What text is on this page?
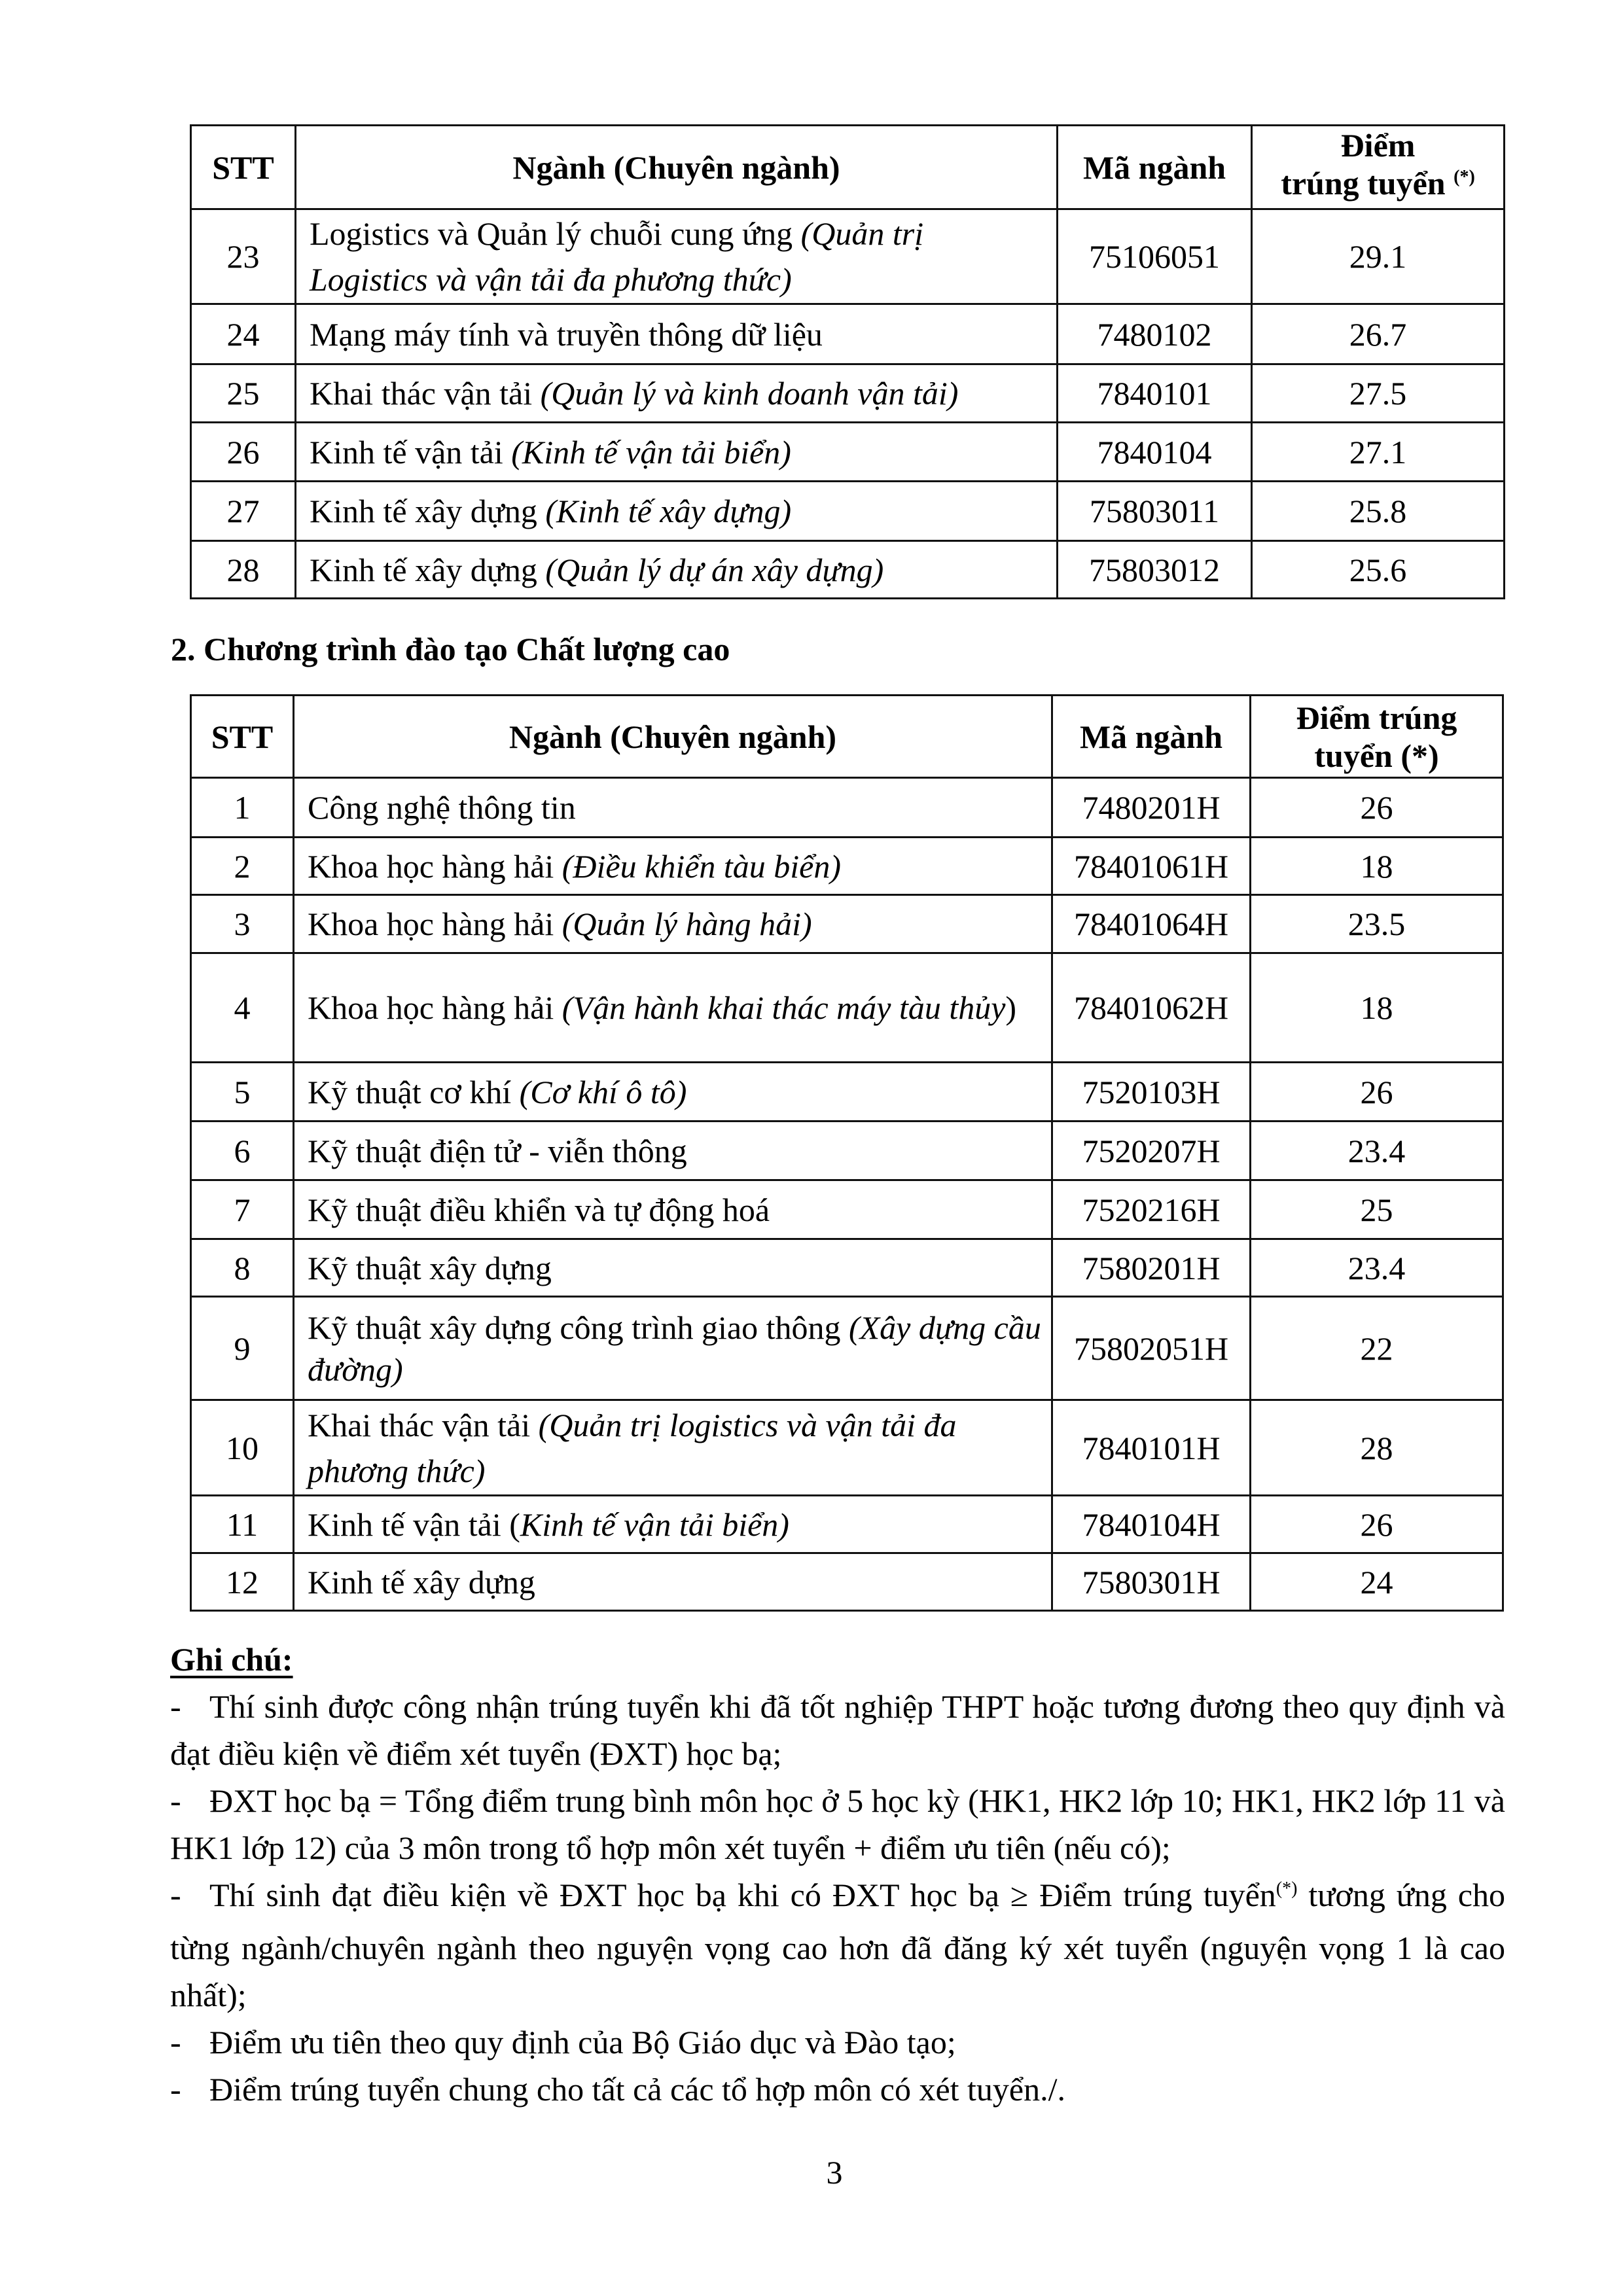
STT	Ngành (Chuyên ngành)	Mã ngành	Điểm
trúng tuyển (*)
23	Logistics và Quản lý chuỗi cung ứng (Quản trị Logistics và vận tải đa phương thức)	75106051	29.1
24	Mạng máy tính và truyền thông dữ liệu	7480102	26.7
25	Khai thác vận tải (Quản lý và kinh doanh vận tải)	7840101	27.5
26	Kinh tế vận tải (Kinh tế vận tải biển)	7840104	27.1
27	Kinh tế xây dựng (Kinh tế xây dựng)	75803011	25.8
28	Kinh tế xây dựng (Quản lý dự án xây dựng)	75803012	25.6
2. Chương trình đào tạo Chất lượng cao
STT	Ngành (Chuyên ngành)	Mã ngành	Điểm trúng
tuyển (*)
1	Công nghệ thông tin	7480201H	26
2	Khoa học hàng hải (Điều khiển tàu biển)	78401061H	18
3	Khoa học hàng hải (Quản lý hàng hải)	78401064H	23.5
4	Khoa học hàng hải (Vận hành khai thác máy tàu thủy)	78401062H	18
5	Kỹ thuật cơ khí (Cơ khí ô tô)	7520103H	26
6	Kỹ thuật điện tử - viễn thông	7520207H	23.4
7	Kỹ thuật điều khiển và tự động hoá	7520216H	25
8	Kỹ thuật xây dựng	7580201H	23.4
9	Kỹ thuật xây dựng công trình giao thông (Xây dựng cầu đường)	75802051H	22
10	Khai thác vận tải (Quản trị logistics và vận tải đa phương thức)	7840101H	28
11	Kinh tế vận tải (Kinh tế vận tải biển)	7840104H	26
12	Kinh tế xây dựng	7580301H	24
Ghi chú:
- Thí sinh được công nhận trúng tuyển khi đã tốt nghiệp THPT hoặc tương đương theo quy định và đạt điều kiện về điểm xét tuyển (ĐXT) học bạ;
- ĐXT học bạ = Tổng điểm trung bình môn học ở 5 học kỳ (HK1, HK2 lớp 10; HK1, HK2 lớp 11 và HK1 lớp 12) của 3 môn trong tổ hợp môn xét tuyển + điểm ưu tiên (nếu có);
- Thí sinh đạt điều kiện về ĐXT học bạ khi có ĐXT học bạ ≥ Điểm trúng tuyển(*) tương ứng cho từng ngành/chuyên ngành theo nguyện vọng cao hơn đã đăng ký xét tuyển (nguyện vọng 1 là cao nhất);
- Điểm ưu tiên theo quy định của Bộ Giáo dục và Đào tạo;
- Điểm trúng tuyển chung cho tất cả các tổ hợp môn có xét tuyển./.
3
